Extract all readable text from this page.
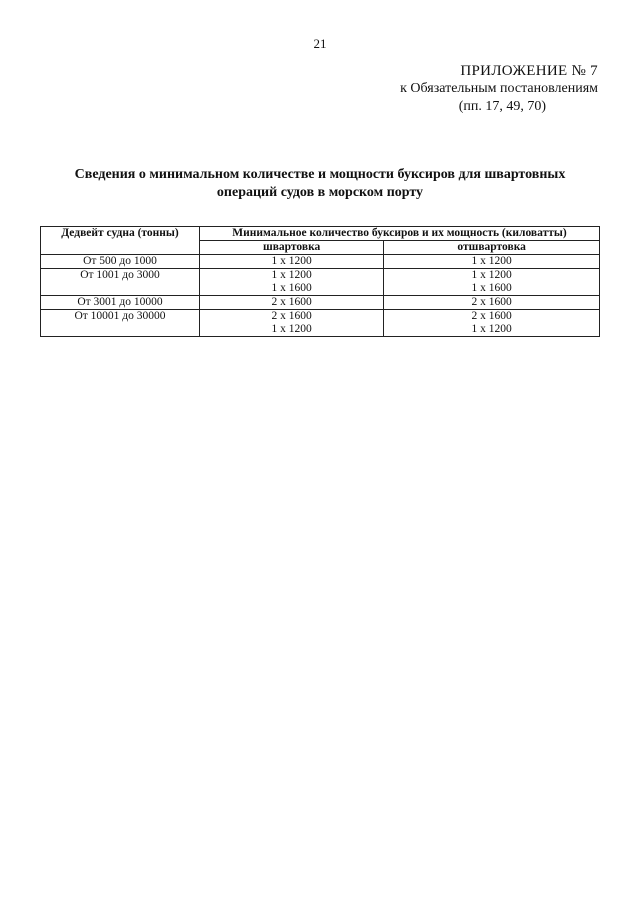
21
ПРИЛОЖЕНИЕ № 7
к Обязательным постановлениям
(пп. 17, 49, 70)
Сведения о минимальном количестве и мощности буксиров для швартовных
операций судов в морском порту
Дедвейт судна (тонны)	Минимальное количество буксиров и их мощность (киловатты)	
	швартовка	отшвартовка
От 500 до 1000	1 х 1200	1 х 1200
От 1001 до 3000	1 х 1200	1 х 1200
	1 х 1600	1 х 1600
От 3001 до 10000	2 х 1600	2 х 1600
От 10001 до 30000	2 х 1600	2 х 1600
	1 х 1200	1 х 1200
